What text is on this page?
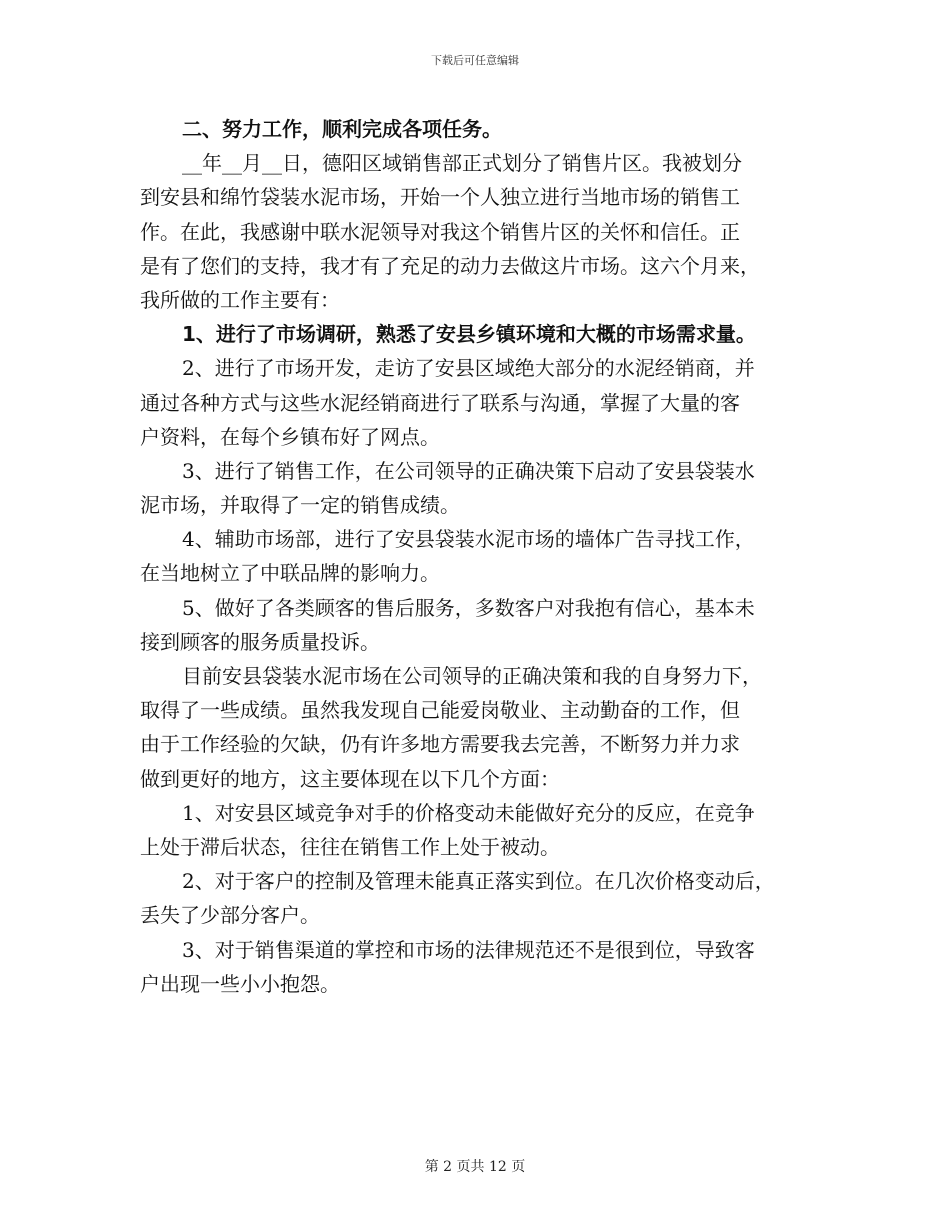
下载后可任意编辑
二、努力工作，顺利完成各项任务。
__年__月__日，德阳区域销售部正式划分了销售片区。我被划分
到安县和绵竹袋装水泥市场，开始一个人独立进行当地市场的销售工
作。在此，我感谢中联水泥领导对我这个销售片区的关怀和信任。正
是有了您们的支持，我才有了充足的动力去做这片市场。这六个月来，
我所做的工作主要有：
1、进行了市场调研，熟悉了安县乡镇环境和大概的市场需求量。
2、进行了市场开发，走访了安县区域绝大部分的水泥经销商，并
通过各种方式与这些水泥经销商进行了联系与沟通，掌握了大量的客
户资料，在每个乡镇布好了网点。
3、进行了销售工作，在公司领导的正确决策下启动了安县袋装水
泥市场，并取得了一定的销售成绩。
4、辅助市场部，进行了安县袋装水泥市场的墙体广告寻找工作，
在当地树立了中联品牌的影响力。
5、做好了各类顾客的售后服务，多数客户对我抱有信心，基本未
接到顾客的服务质量投诉。
目前安县袋装水泥市场在公司领导的正确决策和我的自身努力下，
取得了一些成绩。虽然我发现自己能爱岗敬业、主动勤奋的工作，但
由于工作经验的欠缺，仍有许多地方需要我去完善，不断努力并力求
做到更好的地方，这主要体现在以下几个方面：
1、对安县区域竞争对手的价格变动未能做好充分的反应，在竞争
上处于滞后状态，往往在销售工作上处于被动。
2、对于客户的控制及管理未能真正落实到位。在几次价格变动后，
丢失了少部分客户。
3、对于销售渠道的掌控和市场的法律规范还不是很到位，导致客
户出现一些小小抱怨。
第 2 页共 12 页
